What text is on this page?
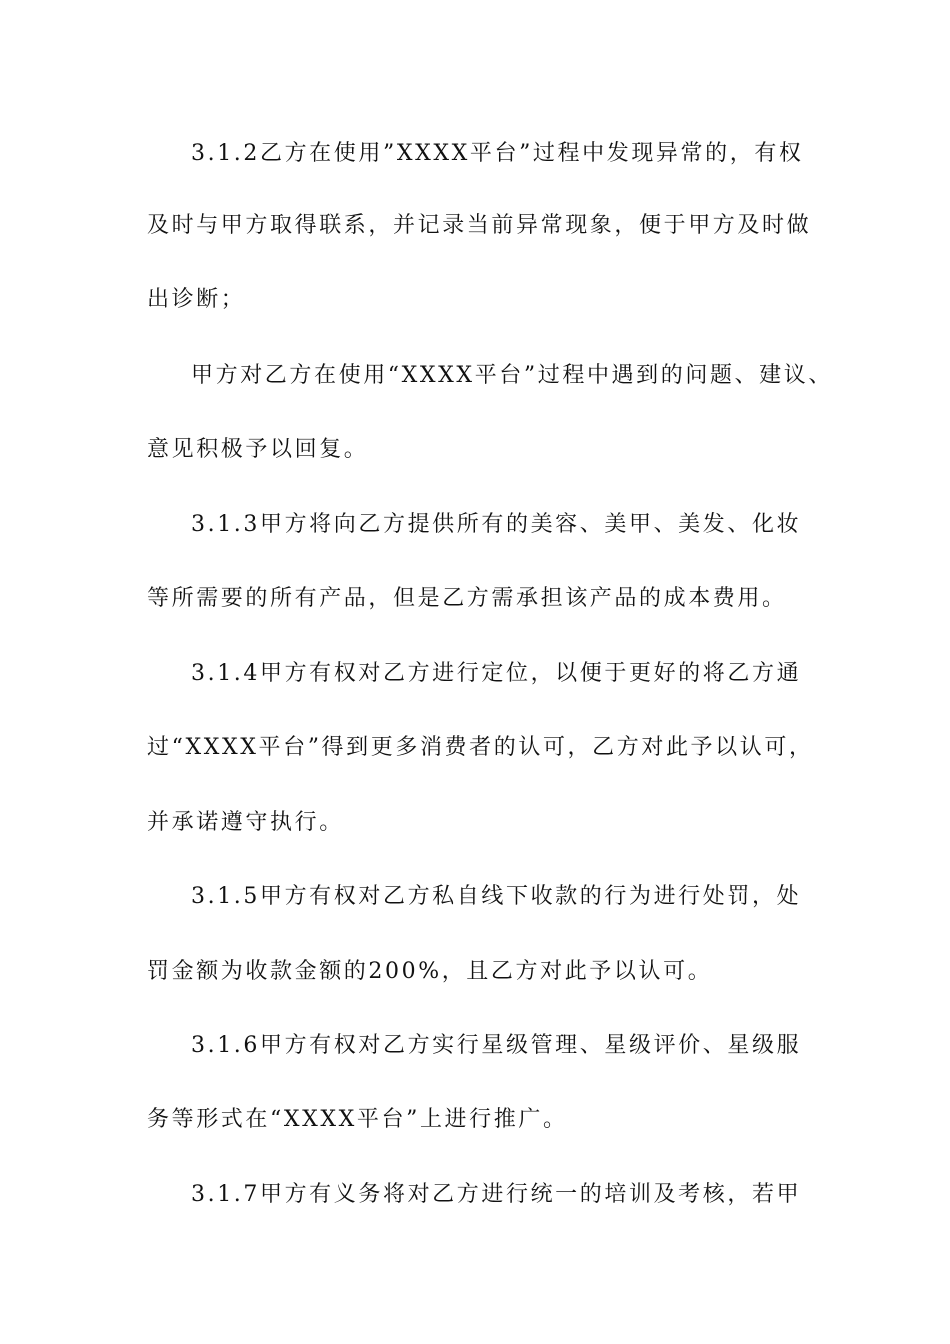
3.1.2乙方在使用”XXXX平台”过程中发现异常的，有权
及时与甲方取得联系，并记录当前异常现象，便于甲方及时做
出诊断；
甲方对乙方在使用“XXXX平台”过程中遇到的问题、建议、
意见积极予以回复。
3.1.3甲方将向乙方提供所有的美容、美甲、美发、化妆
等所需要的所有产品，但是乙方需承担该产品的成本费用。
3.1.4甲方有权对乙方进行定位，以便于更好的将乙方通
过“XXXX平台”得到更多消费者的认可，乙方对此予以认可，
并承诺遵守执行。
3.1.5甲方有权对乙方私自线下收款的行为进行处罚，处
罚金额为收款金额的200%，且乙方对此予以认可。
3.1.6甲方有权对乙方实行星级管理、星级评价、星级服
务等形式在“XXXX平台”上进行推广。
3.1.7甲方有义务将对乙方进行统一的培训及考核，若甲
